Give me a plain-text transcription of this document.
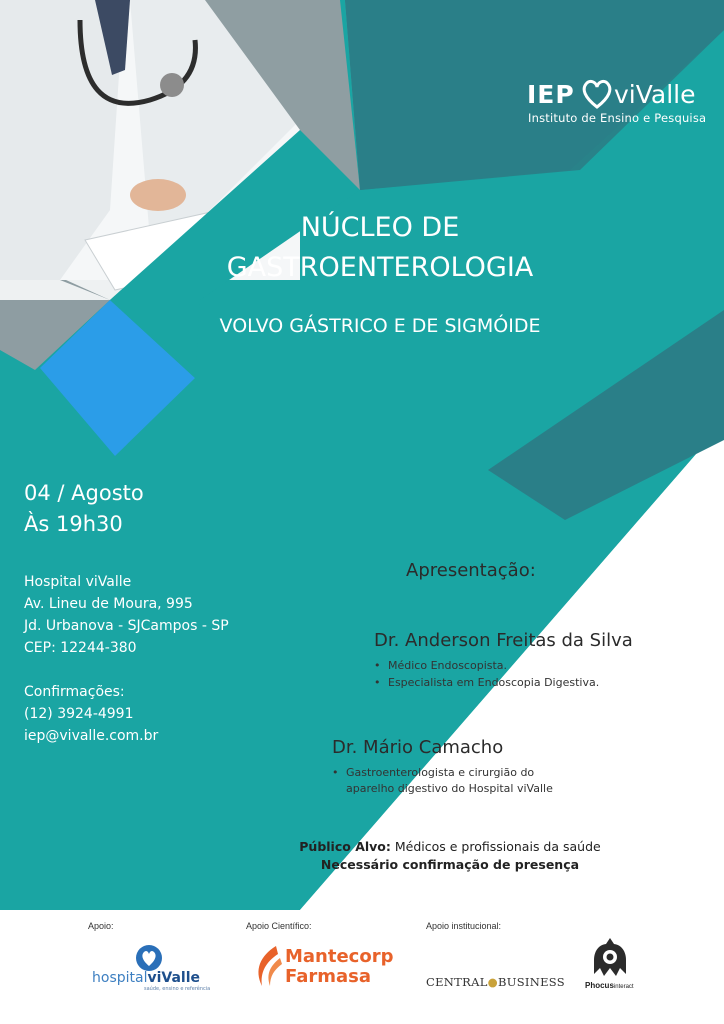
IEP viValle
Instituto de Ensino e Pesquisa
NÚCLEO DE
GASTROENTEROLOGIA
VOLVO GÁSTRICO E DE SIGMÓIDE
04 / Agosto
Às 19h30
Hospital viValle
Av. Lineu de Moura, 995
Jd. Urbanova - SJCampos - SP
CEP: 12244-380
Confirmações:
(12) 3924-4991
iep@vivalle.com.br
Apresentação:
Dr. Anderson Freitas da Silva
• Médico Endoscopista.
• Especialista em Endoscopia Digestiva.
Dr. Mário Camacho
• Gastroenterologista e cirurgião do
aparelho digestivo do Hospital viValle
Público Alvo: Médicos e profissionais da saúde
Necessário confirmação de presença
Apoio:	Apoio Científico:	Apoio institucional:
hospitalviValle
saúde, ensino e referência
Mantecorp
Farmasa	CENTRAL●BUSINESS	Phocusinteract
